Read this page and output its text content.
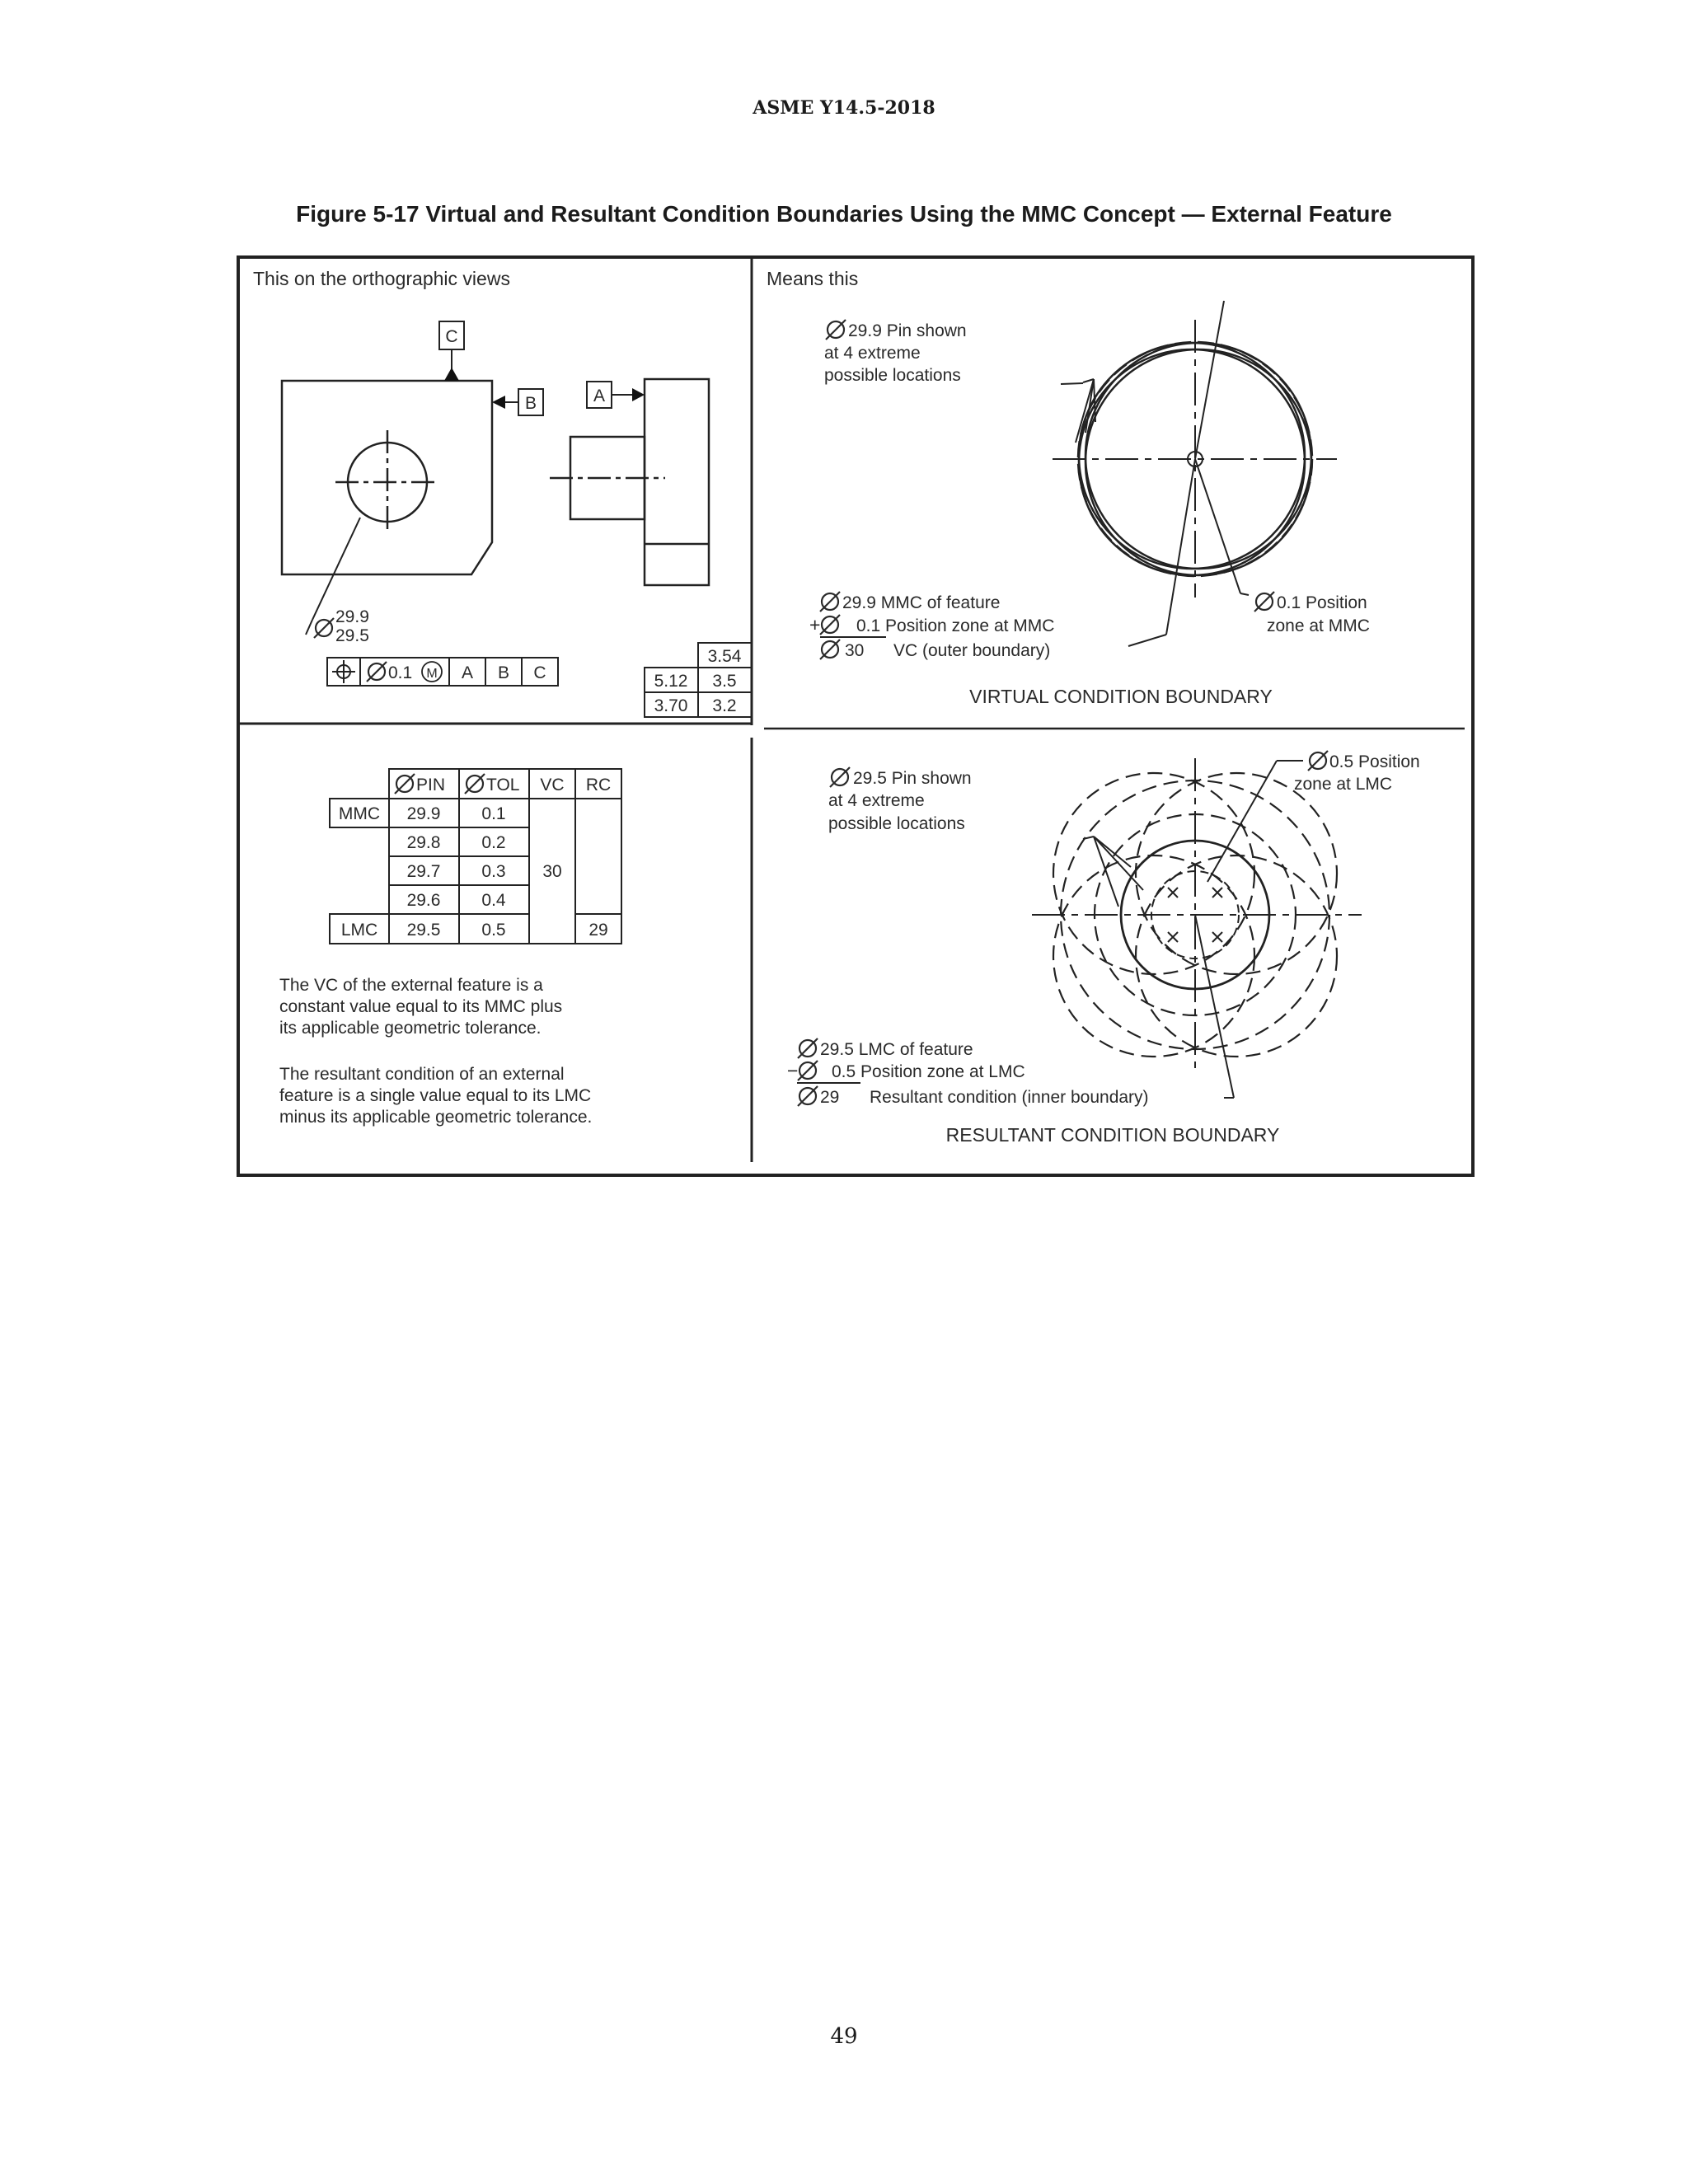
ASME Y14.5-2018
Figure 5-17 Virtual and Resultant Condition Boundaries Using the MMC Concept — External Feature
This on the orthographic views	Means this
C
B	A
29.9
29.5
0.1 M A B C
3.54
5.12 3.5
3.70 3.2
29.9 Pin shown
at 4 extreme
possible locations
29.9 MMC of feature
+ 0.1 Position zone at MMC
30 VC (outer boundary)
0.1 Position
zone at MMC
VIRTUAL CONDITION BOUNDARY
PIN TOL VC RC
MMC 29.9 0.1
29.8 0.2
29.7 0.3
29.6 0.4
LMC 29.5 0.5
30
29
The VC of the external feature is a
constant value equal to its MMC plus
its applicable geometric tolerance.
The resultant condition of an external
feature is a single value equal to its LMC
minus its applicable geometric tolerance.
29.5 Pin shown
at 4 extreme
possible locations
0.5 Position
zone at LMC
29.5 LMC of feature
− 0.5 Position zone at LMC
29 Resultant condition (inner boundary)
RESULTANT CONDITION BOUNDARY
49
